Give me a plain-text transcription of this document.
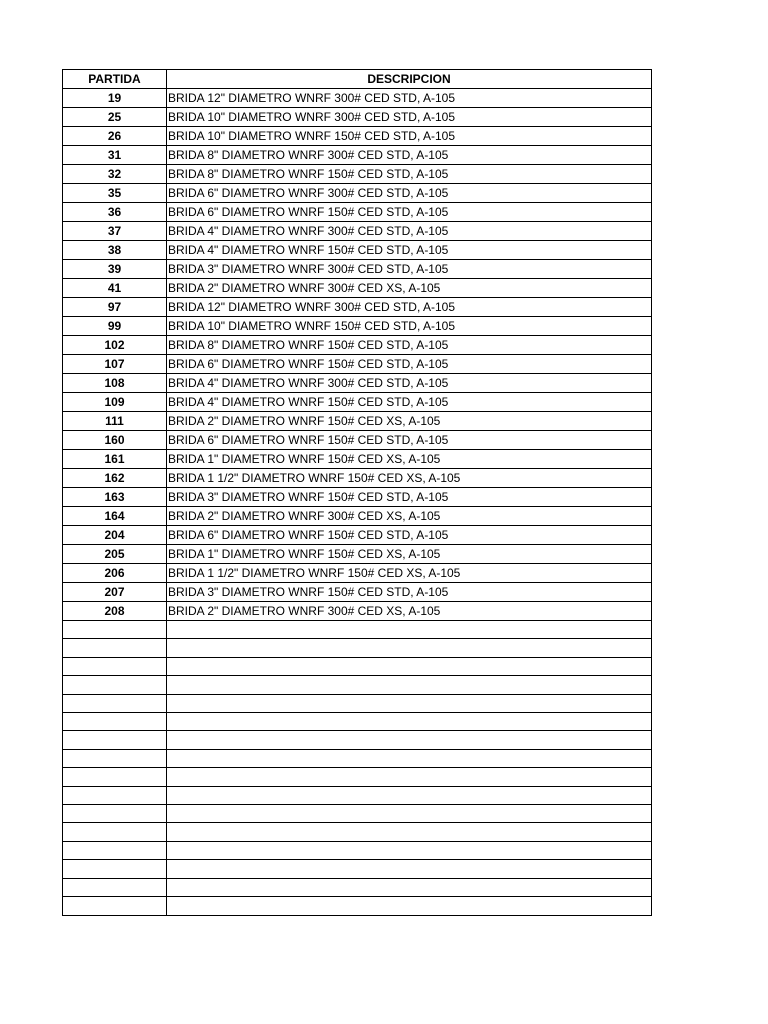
PARTIDA	DESCRIPCION
19	BRIDA 12" DIAMETRO WNRF 300# CED STD, A-105
25	BRIDA 10" DIAMETRO WNRF 300# CED STD, A-105
26	BRIDA 10" DIAMETRO WNRF 150# CED STD, A-105
31	BRIDA 8" DIAMETRO WNRF 300# CED STD, A-105
32	BRIDA 8" DIAMETRO WNRF 150# CED STD, A-105
35	BRIDA 6" DIAMETRO WNRF 300# CED STD, A-105
36	BRIDA 6" DIAMETRO WNRF 150# CED STD, A-105
37	BRIDA 4" DIAMETRO WNRF 300# CED STD, A-105
38	BRIDA 4" DIAMETRO WNRF 150# CED STD, A-105
39	BRIDA 3" DIAMETRO WNRF 300# CED STD, A-105
41	BRIDA 2" DIAMETRO WNRF 300# CED XS, A-105
97	BRIDA 12" DIAMETRO WNRF 300# CED STD, A-105
99	BRIDA 10" DIAMETRO WNRF 150# CED STD, A-105
102	BRIDA 8" DIAMETRO WNRF 150# CED STD, A-105
107	BRIDA 6" DIAMETRO WNRF 150# CED STD, A-105
108	BRIDA 4" DIAMETRO WNRF 300# CED STD, A-105
109	BRIDA 4" DIAMETRO WNRF 150# CED STD, A-105
111	BRIDA 2" DIAMETRO WNRF 150# CED XS, A-105
160	BRIDA 6" DIAMETRO WNRF 150# CED STD, A-105
161	BRIDA 1" DIAMETRO WNRF 150# CED XS, A-105
162	BRIDA 1 1/2" DIAMETRO WNRF 150# CED XS, A-105
163	BRIDA 3" DIAMETRO WNRF 150# CED STD, A-105
164	BRIDA 2" DIAMETRO WNRF 300# CED XS, A-105
204	BRIDA 6" DIAMETRO WNRF 150# CED STD, A-105
205	BRIDA 1" DIAMETRO WNRF 150# CED XS, A-105
206	BRIDA 1 1/2" DIAMETRO WNRF 150# CED XS, A-105
207	BRIDA 3" DIAMETRO WNRF 150# CED STD, A-105
208	BRIDA 2" DIAMETRO WNRF 300# CED XS, A-105
